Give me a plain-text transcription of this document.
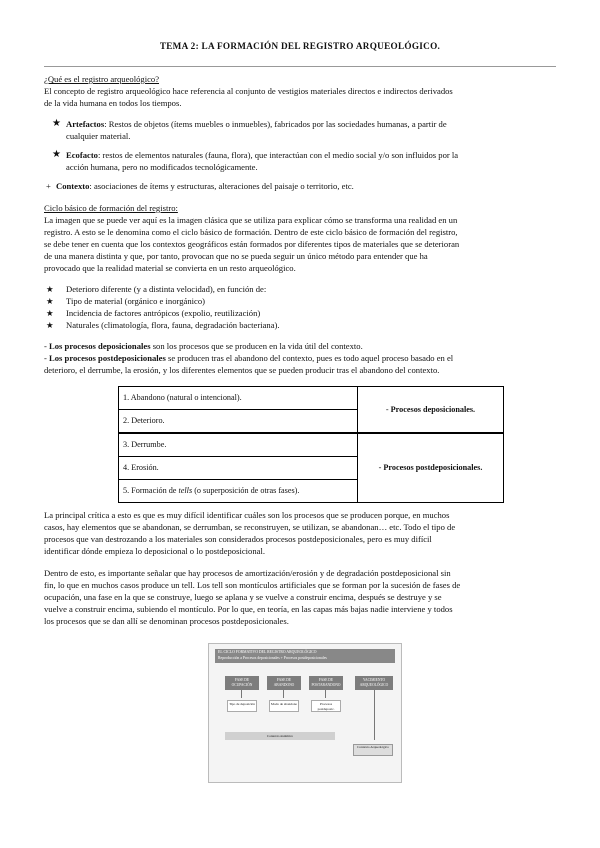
TEMA 2: LA FORMACIÓN DEL REGISTRO ARQUEOLÓGICO.
¿Qué es el registro arqueológico?
El concepto de registro arqueológico hace referencia al conjunto de vestigios materiales directos e indirectos derivados
de la vida humana en todos los tiempos.
★ Artefactos: Restos de objetos (ítems muebles o inmuebles), fabricados por las sociedades humanas, a partir de
cualquier material.
★ Ecofacto: restos de elementos naturales (fauna, flora), que interactúan con el medio social y/o son influidos por la
acción humana, pero no modificados tecnológicamente.
+ Contexto: asociaciones de ítems y estructuras, alteraciones del paisaje o territorio, etc.
Ciclo básico de formación del registro:
La imagen que se puede ver aquí es la imagen clásica que se utiliza para explicar cómo se transforma una realidad en un
registro. A esto se le denomina como el ciclo básico de formación. Dentro de este ciclo básico de formación del registro,
se debe tener en cuenta que los contextos geográficos están formados por diferentes tipos de materiales que se deterioran
de una manera distinta y que, por tanto, provocan que no se pueda seguir un único método para entender que ha
provocado que la realidad material se convierta en un resto arqueológico.
★ Deterioro diferente (y a distinta velocidad), en función de:
★ Tipo de material (orgánico e inorgánico)
★ Incidencia de factores antrópicos (expolio, reutilización)
★ Naturales (climatología, flora, fauna, degradación bacteriana).
- Los procesos deposicionales son los procesos que se producen en la vida útil del contexto.
- Los procesos postdeposicionales se producen tras el abandono del contexto, pues es todo aquel proceso basado en el
deterioro, el derrumbe, la erosión, y los diferentes elementos que se pueden producir tras el abandono del contexto.
1. Abandono (natural o intencional).	- Procesos deposicionales.
2. Deterioro.	
3. Derrumbe.	- Procesos postdeposicionales.
4. Erosión.	
5. Formación de tells (o superposición de otras fases).	
La principal crítica a esto es que es muy difícil identificar cuáles son los procesos que se producen porque, en muchos
casos, hay elementos que se abandonan, se derrumban, se reconstruyen, se utilizan, se abandonan… etc. Todo el tipo de
procesos que van destrozando a los materiales son considerados procesos postdeposicionales, pero es muy difícil
identificar dónde empieza lo deposicional o lo postdeposicional.
Dentro de esto, es importante señalar que hay procesos de amortización/erosión y de degradación postdeposicional sin
fin, lo que en muchos casos produce un tell. Los tell son montículos artificiales que se forman por la sucesión de fases de
ocupación, una fase en la que se construye, luego se aplana y se vuelve a construir encima, después se destruye y se
vuelve a construir encima, subiendo el montículo. Por lo que, en teoría, en las capas más bajas nadie interviene y todos
los procesos que se dan allí se denominan procesos postdeposicionales.
EL CICLO FORMATIVO DEL REGISTRO ARQUEOLÓGICO
Reproducción a Procesos deposicionales + Procesos postdeposicionales
FASE DE OCUPACIÓN
FASE DE ABANDONO
FASE DE POSTABANDONO
YACIMIENTO ARQUEOLÓGICO
Tipo de deposición	Modo de abandono	Procesos postdeposic.
Contexto sistémico
Contexto Arqueológico
